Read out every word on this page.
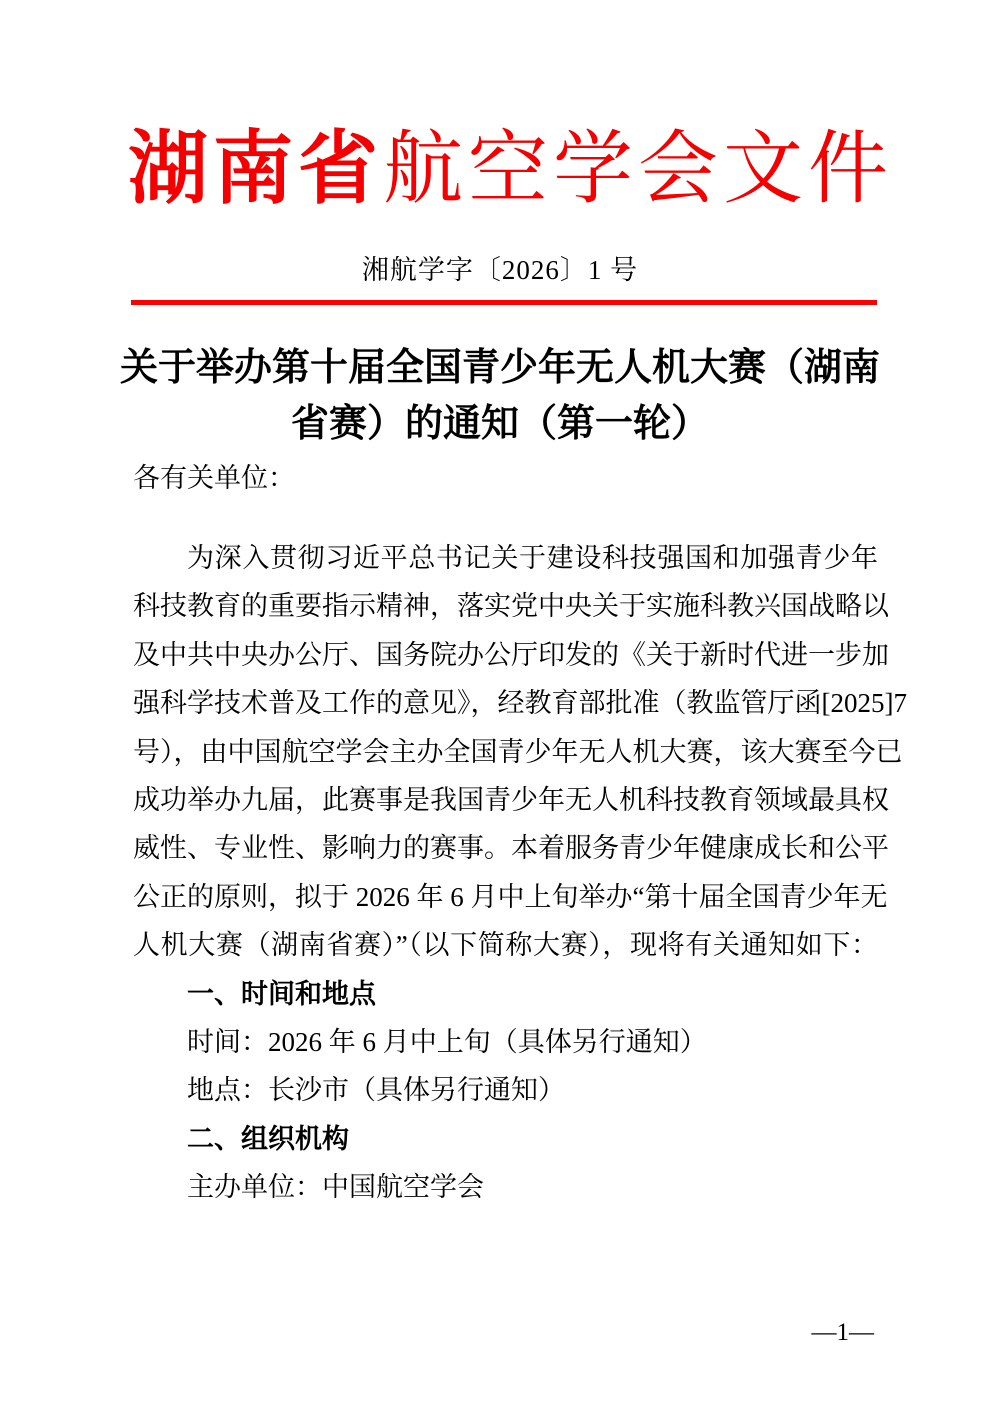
湖 南 省 航 空 学 会 文 件
湘航学字〔2026〕1 号
关于举办第十届全国青少年无人机大赛（湖南
省赛）的通知（第一轮）
各有关单位：
为深入贯彻习近平总书记关于建设科技强国和加强青少年
科技教育的重要指示精神，落实党中央关于实施科教兴国战略以
及中共中央办公厅、国务院办公厅印发的《关于新时代进一步加
强科学技术普及工作的意见》，经教育部批准（教监管厅函[2025]7
号），由中国航空学会主办全国青少年无人机大赛，该大赛至今已
成功举办九届，此赛事是我国青少年无人机科技教育领域最具权
威性、专业性、影响力的赛事。本着服务青少年健康成长和公平
公正的原则，拟于 2026 年 6 月中上旬举办“第十届全国青少年无
人机大赛（湖南省赛）”（以下简称大赛），现将有关通知如下：
一、时间和地点
时间：2026 年 6 月中上旬（具体另行通知）
地点：长沙市（具体另行通知）
二、组织机构
主办单位：中国航空学会
—1—
